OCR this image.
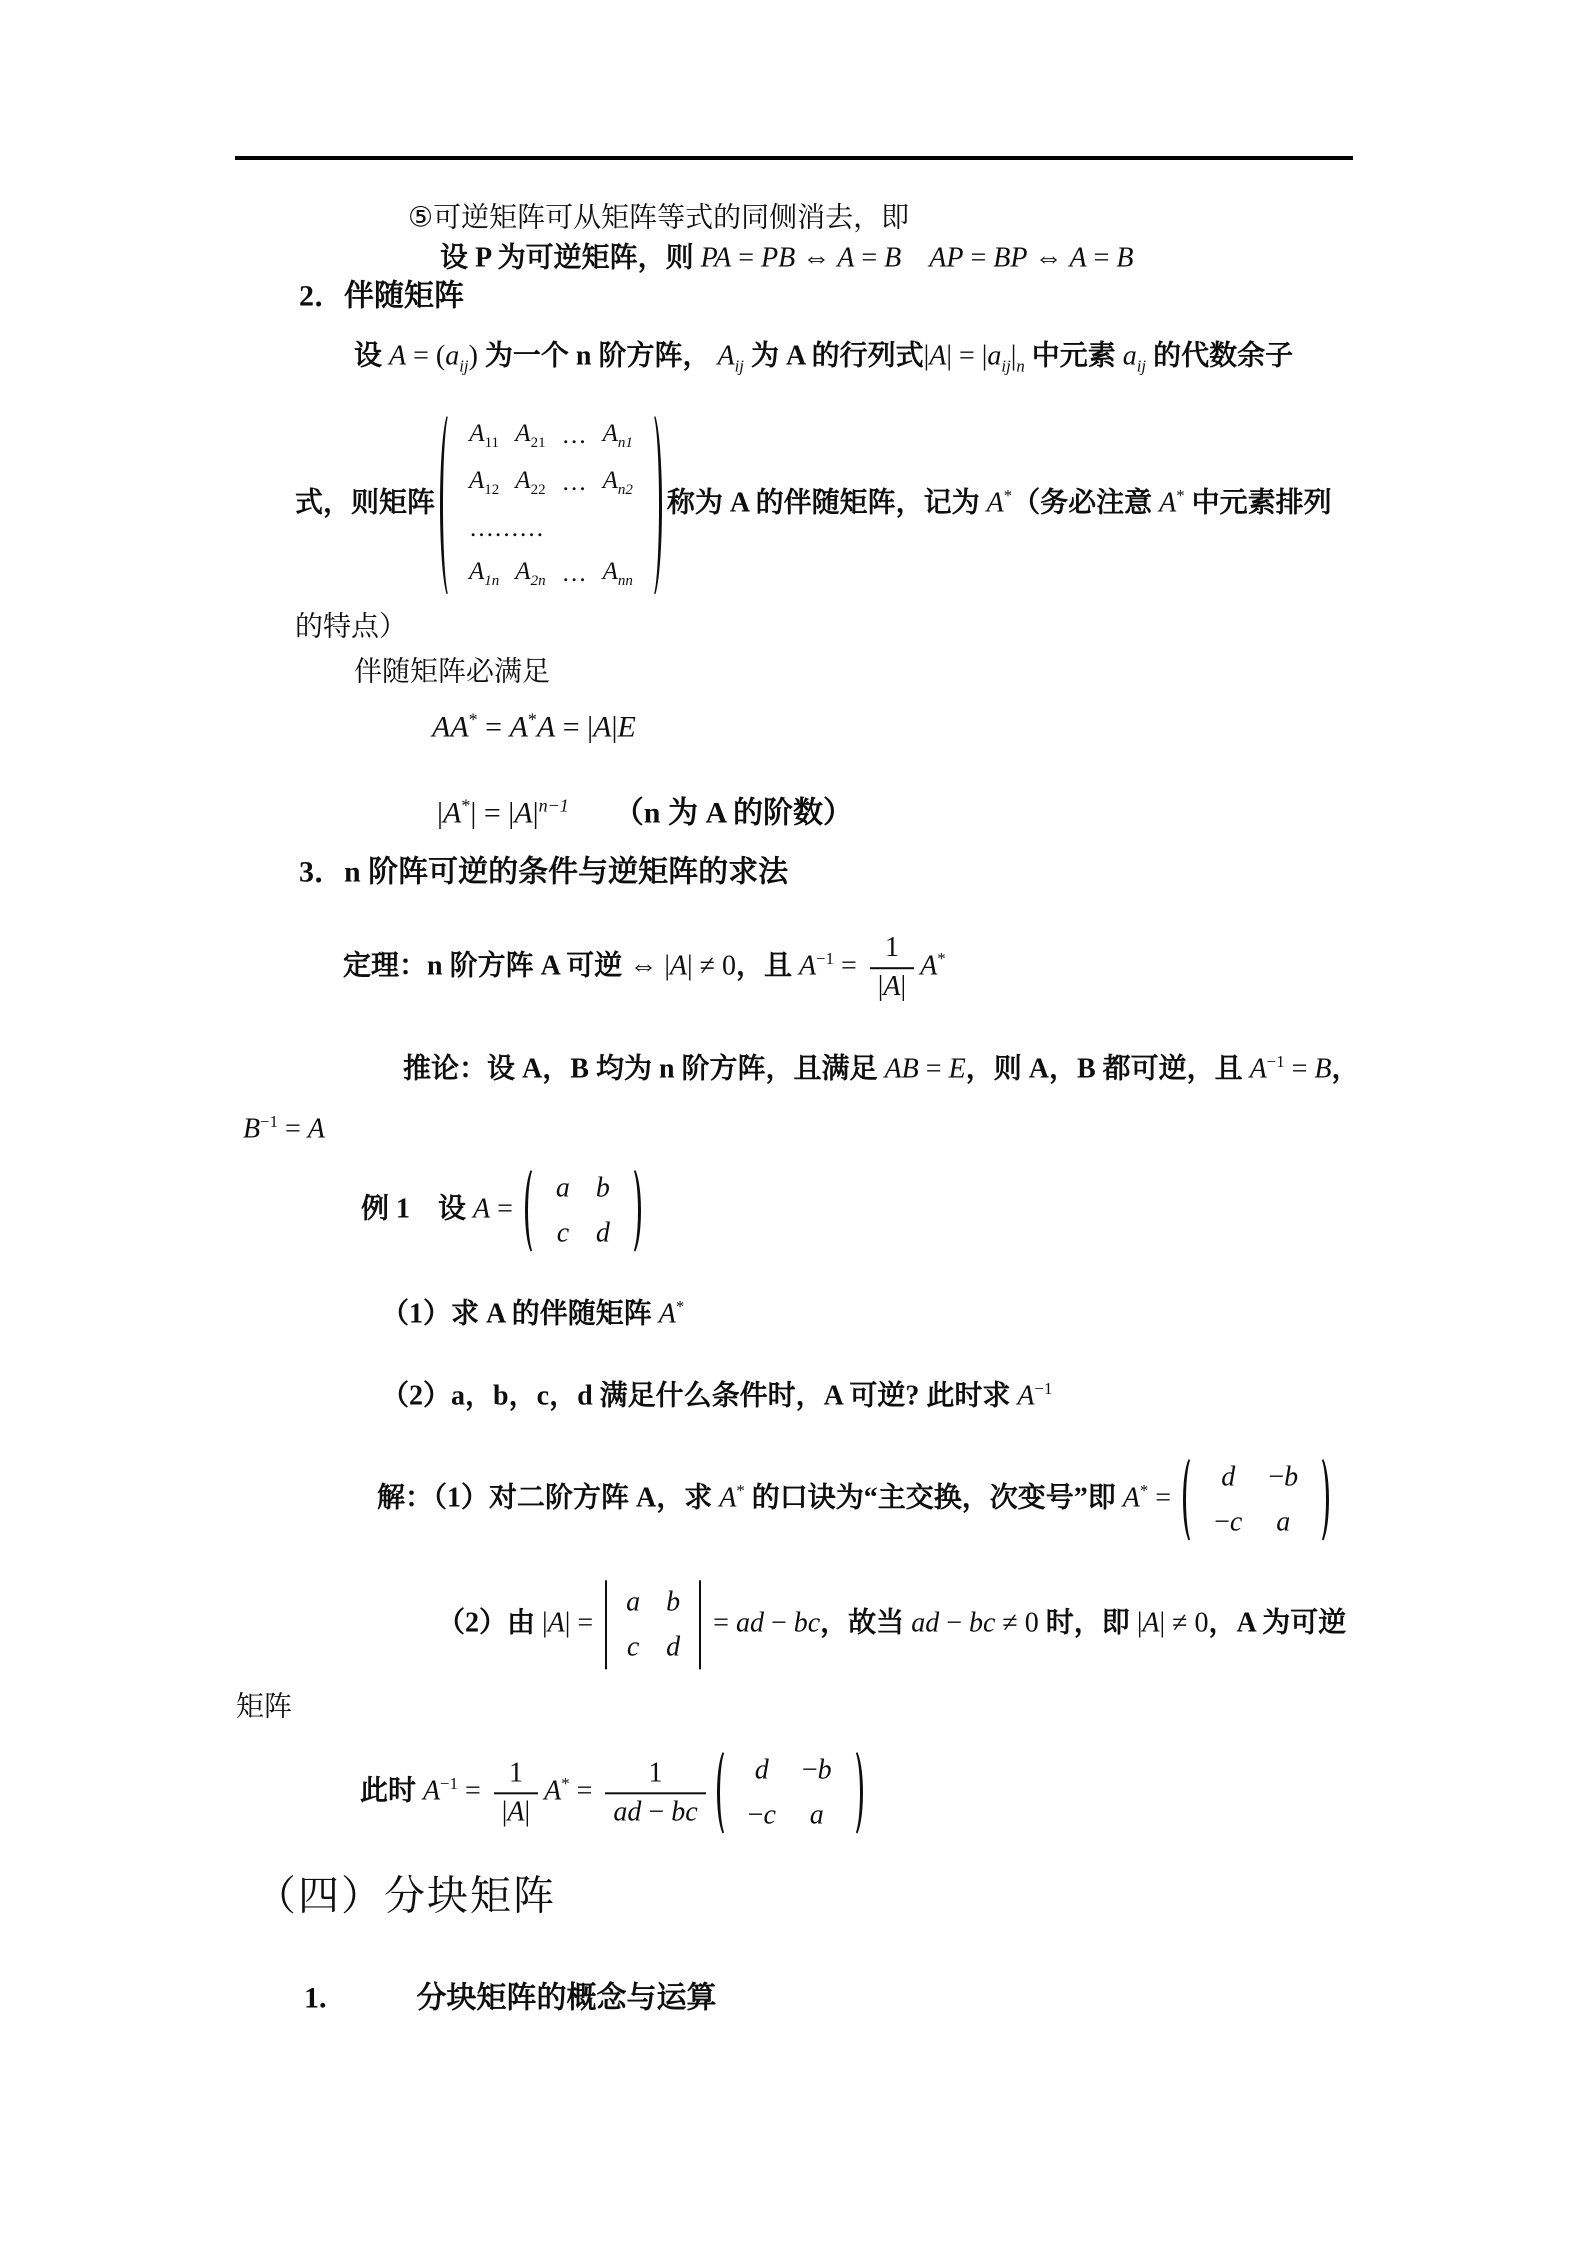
⑤可逆矩阵可从矩阵等式的同侧消去，即
设 P 为可逆矩阵，则 PA = PB ⇔ A = B　 AP = BP ⇔ A = B
2．伴随矩阵
设 $A = (a_{ij})$ 为一个 n 阶方阵， $A_{ij}$ 为 A 的行列式$|A| = |a_{ij}|_n$ 中元素 $a_{ij}$ 的代数余子
式，则矩阵
$A_{11}$ $A_{21}$ … $A_{n1}$
$A_{12}$ $A_{22}$ … $A_{n2}$
………
$A_{1n}$ $A_{2n}$ … $A_{nn}$
称为 A 的伴随矩阵，记为 A*（务必注意 A* 中元素排列
的特点）
伴随矩阵必满足
AA* = A*A = |A|E
$|A^*| = |A|^{n-1}$　　（n 为 A 的阶数）
3．n 阶阵可逆的条件与逆矩阵的求法
定理：n 阶方阵 A 可逆 ⇔ |A| ≠ 0，且 $A^{-1} = \frac{1}{|A|} A^*$
推论：设 A，B 均为 n 阶方阵，且满足 AB = E，则 A，B 都可逆，且 $A^{-1} = B$，
$B^{-1} = A$
例 1　设 A =
a b
c d
（1）求 A 的伴随矩阵 A*
（2）a，b，c，d 满足什么条件时，A 可逆? 此时求 $A^{-1}$
解：（1）对二阶方阵 A，求 A* 的口诀为“主交换，次变号”即 A* =
d −b
−c a
（2）由 |A| =
a b
c d
= ad − bc，故当 ad − bc ≠ 0 时，即 |A| ≠ 0，A 为可逆
矩阵
此时 $A^{-1} = \frac{1}{|A|} A^* = \frac{1}{ad - bc}$ d −b
−c a
（四）分块矩阵
1.　　　分块矩阵的概念与运算
